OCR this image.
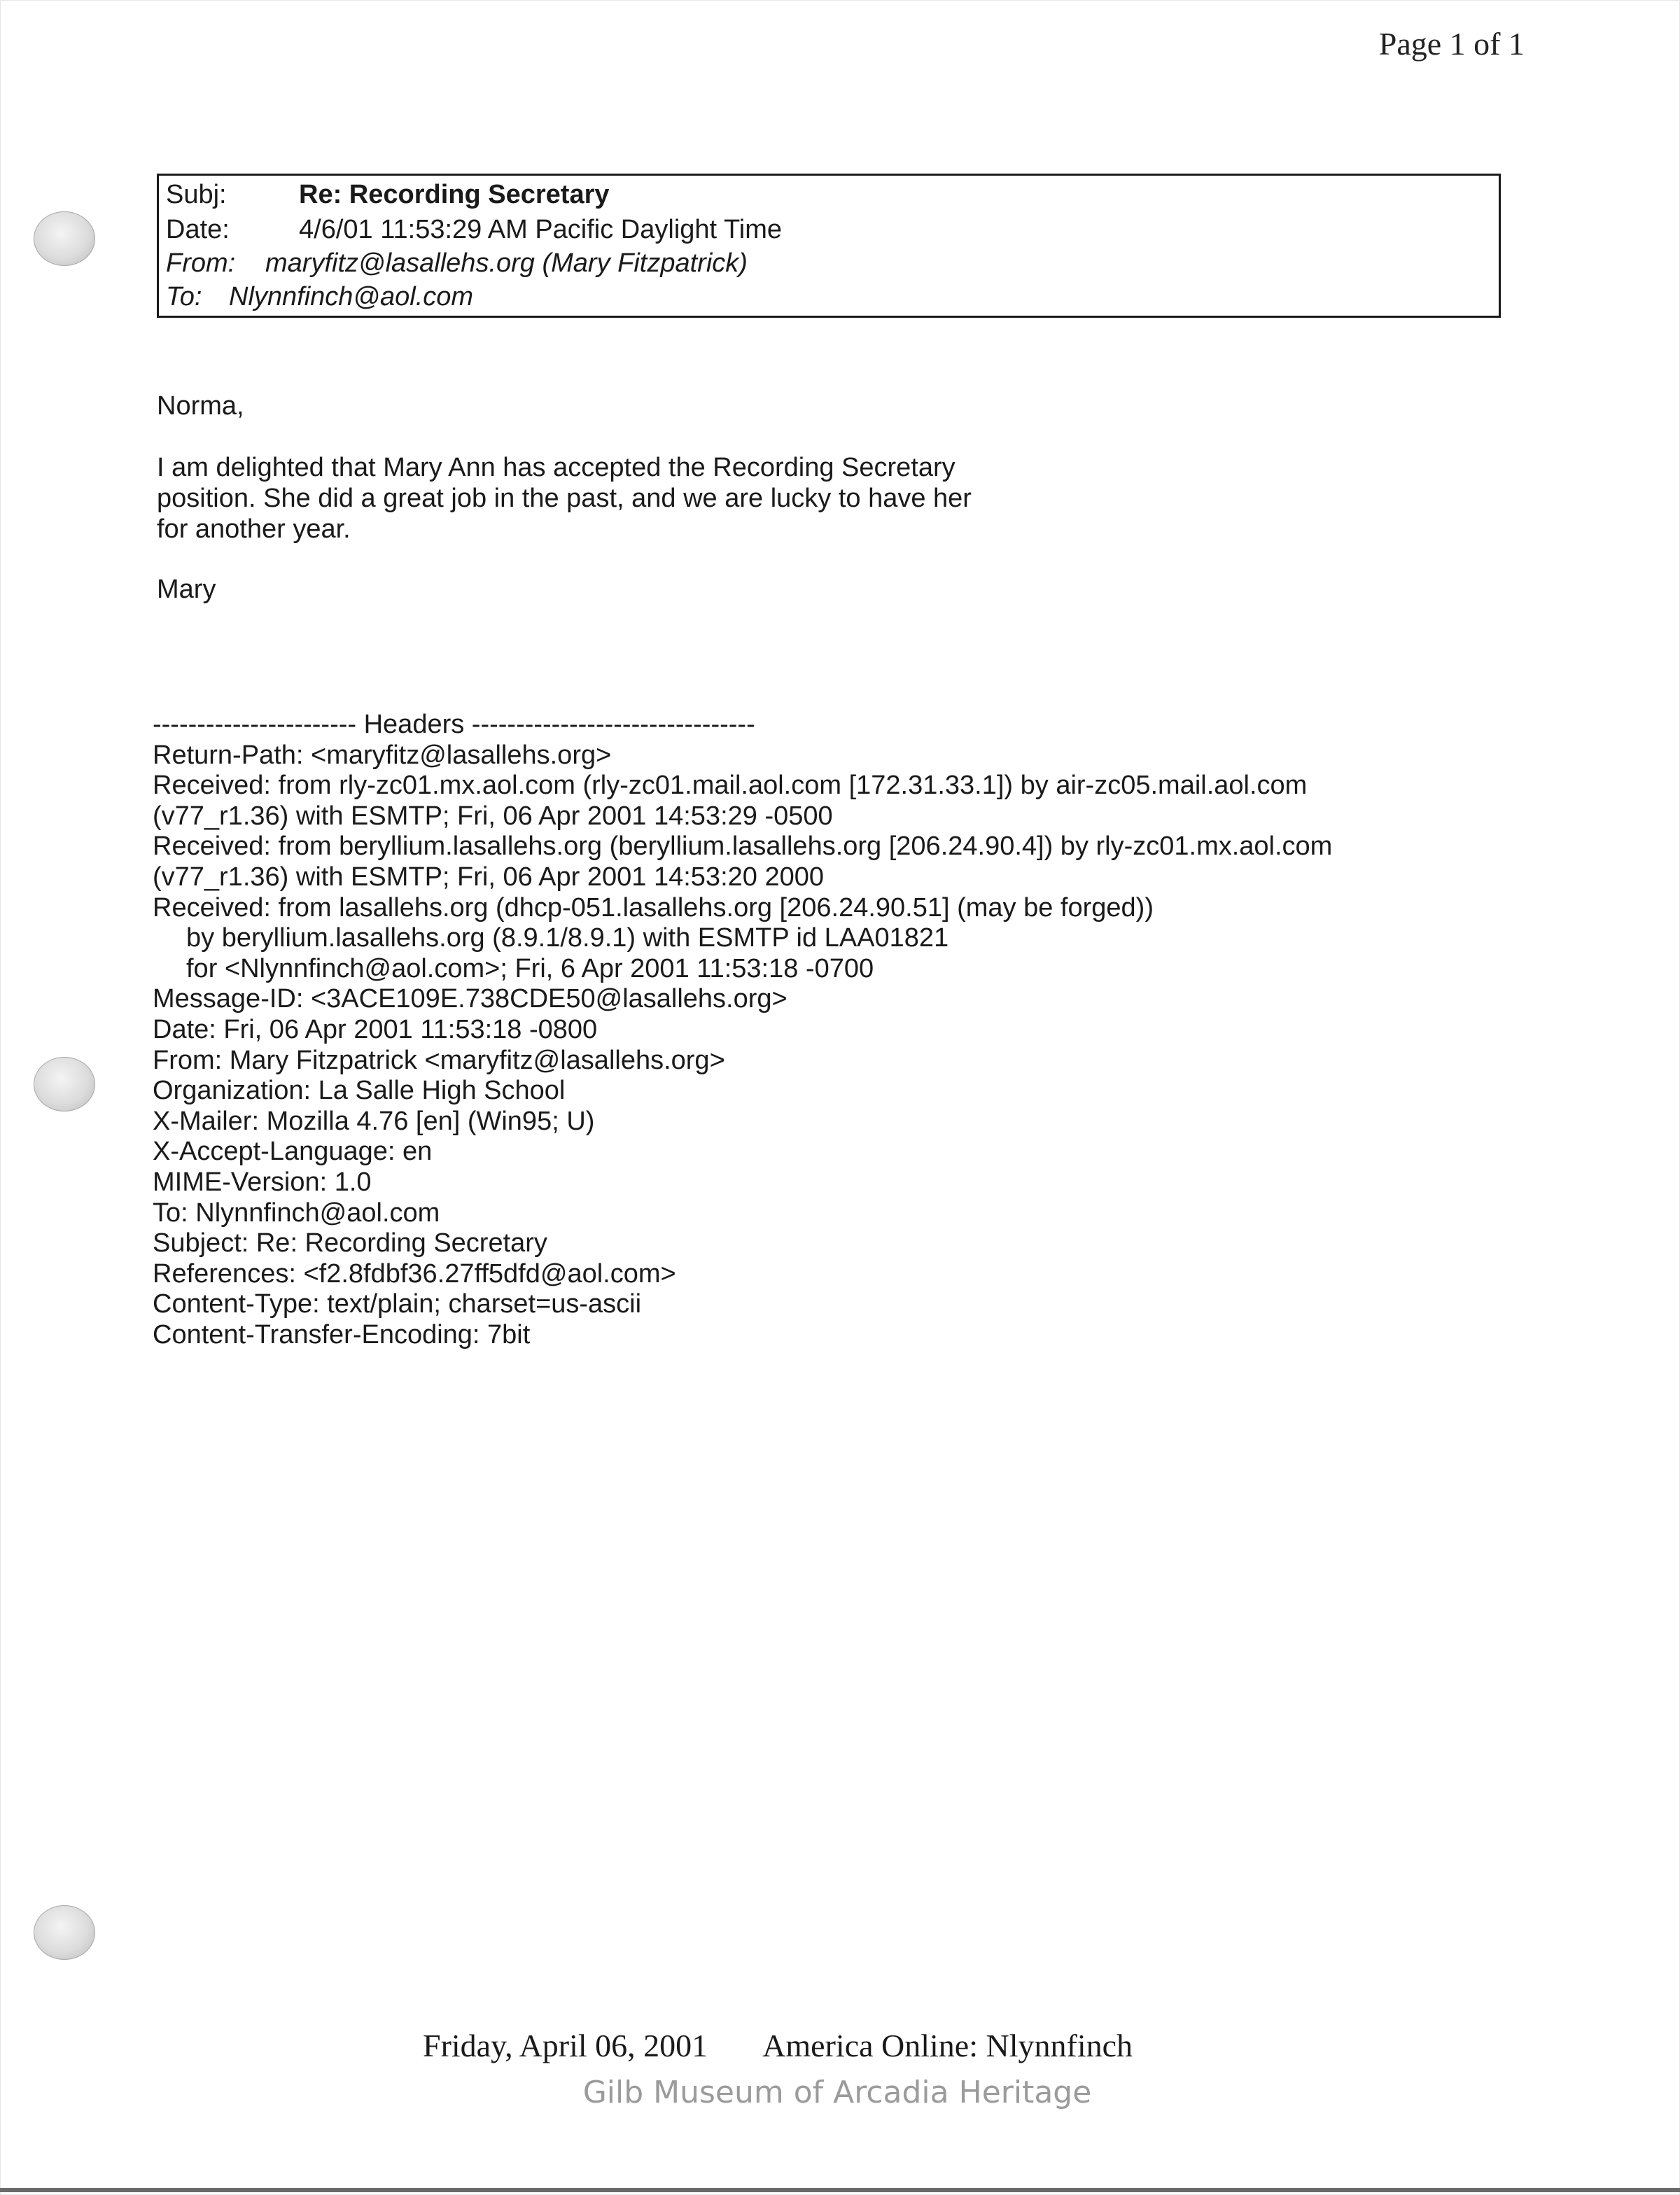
Page 1 of 1
Subj:	Re: Recording Secretary
Date:	4/6/01 11:53:29 AM Pacific Daylight Time
From: maryfitz@lasallehs.org (Mary Fitzpatrick)
To: Nlynnfinch@aol.com
Norma,
I am delighted that Mary Ann has accepted the Recording Secretary
position. She did a great job in the past, and we are lucky to have her
for another year.
Mary
----------------------- Headers --------------------------------
Return-Path: <maryfitz@lasallehs.org>
Received: from rly-zc01.mx.aol.com (rly-zc01.mail.aol.com [172.31.33.1]) by air-zc05.mail.aol.com
(v77_r1.36) with ESMTP; Fri, 06 Apr 2001 14:53:29 -0500
Received: from beryllium.lasallehs.org (beryllium.lasallehs.org [206.24.90.4]) by rly-zc01.mx.aol.com
(v77_r1.36) with ESMTP; Fri, 06 Apr 2001 14:53:20 2000
Received: from lasallehs.org (dhcp-051.lasallehs.org [206.24.90.51] (may be forged))
by beryllium.lasallehs.org (8.9.1/8.9.1) with ESMTP id LAA01821
for <Nlynnfinch@aol.com>; Fri, 6 Apr 2001 11:53:18 -0700
Message-ID: <3ACE109E.738CDE50@lasallehs.org>
Date: Fri, 06 Apr 2001 11:53:18 -0800
From: Mary Fitzpatrick <maryfitz@lasallehs.org>
Organization: La Salle High School
X-Mailer: Mozilla 4.76 [en] (Win95; U)
X-Accept-Language: en
MIME-Version: 1.0
To: Nlynnfinch@aol.com
Subject: Re: Recording Secretary
References: <f2.8fdbf36.27ff5dfd@aol.com>
Content-Type: text/plain; charset=us-ascii
Content-Transfer-Encoding: 7bit
Friday, April 06, 2001 America Online: Nlynnfinch
Gilb Museum of Arcadia Heritage
